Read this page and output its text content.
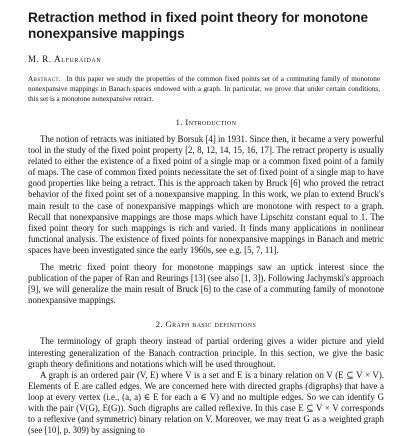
Retraction method in fixed point theory for monotone
nonexpansive mappings
M. R. Alfuraidan
Abstract. In this paper we study the properties of the common fixed points set of a commuting family of monotone nonexpansive mappings in Banach spaces endowed with a graph. In particular, we prove that under certain conditions, this set is a monotone nonexpansive retract.
1. Introduction

The notion of retracts was initiated by Borsuk [4] in 1931. Since then, it became a very powerful tool in the study of the fixed point property [2, 8, 12, 14, 15, 16, 17]. The retract property is usually related to either the existence of a fixed point of a single map or a common fixed point of a family of maps. The case of common fixed points necessitate the set of fixed point of a single map to have good properties like being a retract. This is the approach taken by Bruck [6] who proved the retract behavior of the fixed point set of a nonexpansive mapping. In this work, we plan to extend Bruck's main result to the case of nonexpansive mappings which are monotone with respect to a graph. Recall that nonexpansive mappings are those maps which have Lipschitz constant equal to 1. The fixed point theory for such mappings is rich and varied. It finds many applications in nonlinear functional analysis. The existence of fixed points for nonexpansive mappings in Banach and metric spaces have been investigated since the early 1960s, see e.g. [5, 7, 11].

The metric fixed point theory for monotone mappings saw an uptick interest since the publication of the paper of Ran and Reurings [13] (see also [1, 3]). Following Jachymski's approach [9], we will generalize the main result of Bruck [6] to the case of a commuting family of monotone nonexpansive mappings.

2. Graph basic definitions

The terminology of graph theory instead of partial ordering gives a wider picture and yield interesting generalization of the Banach contraction principle. In this section, we give the basic graph theory definitions and notations which will be used throughout.

A graph is an ordered pair (V, E) where V is a set and E is a binary relation on V (E ⊆ V × V). Elements of E are called edges. We are concerned here with directed graphs (digraphs) that have a loop at every vertex (i.e., (a, a) ∈ E for each a ∈ V) and no multiple edges. So we can identify G with the pair (V(G), E(G)). Such digraphs are called reflexive. In this case E ⊆ V × V corresponds to a reflexive (and symmetric) binary relation on V. Moreover, we may treat G as a weighted graph (see [10], p. 309) by assigning to
